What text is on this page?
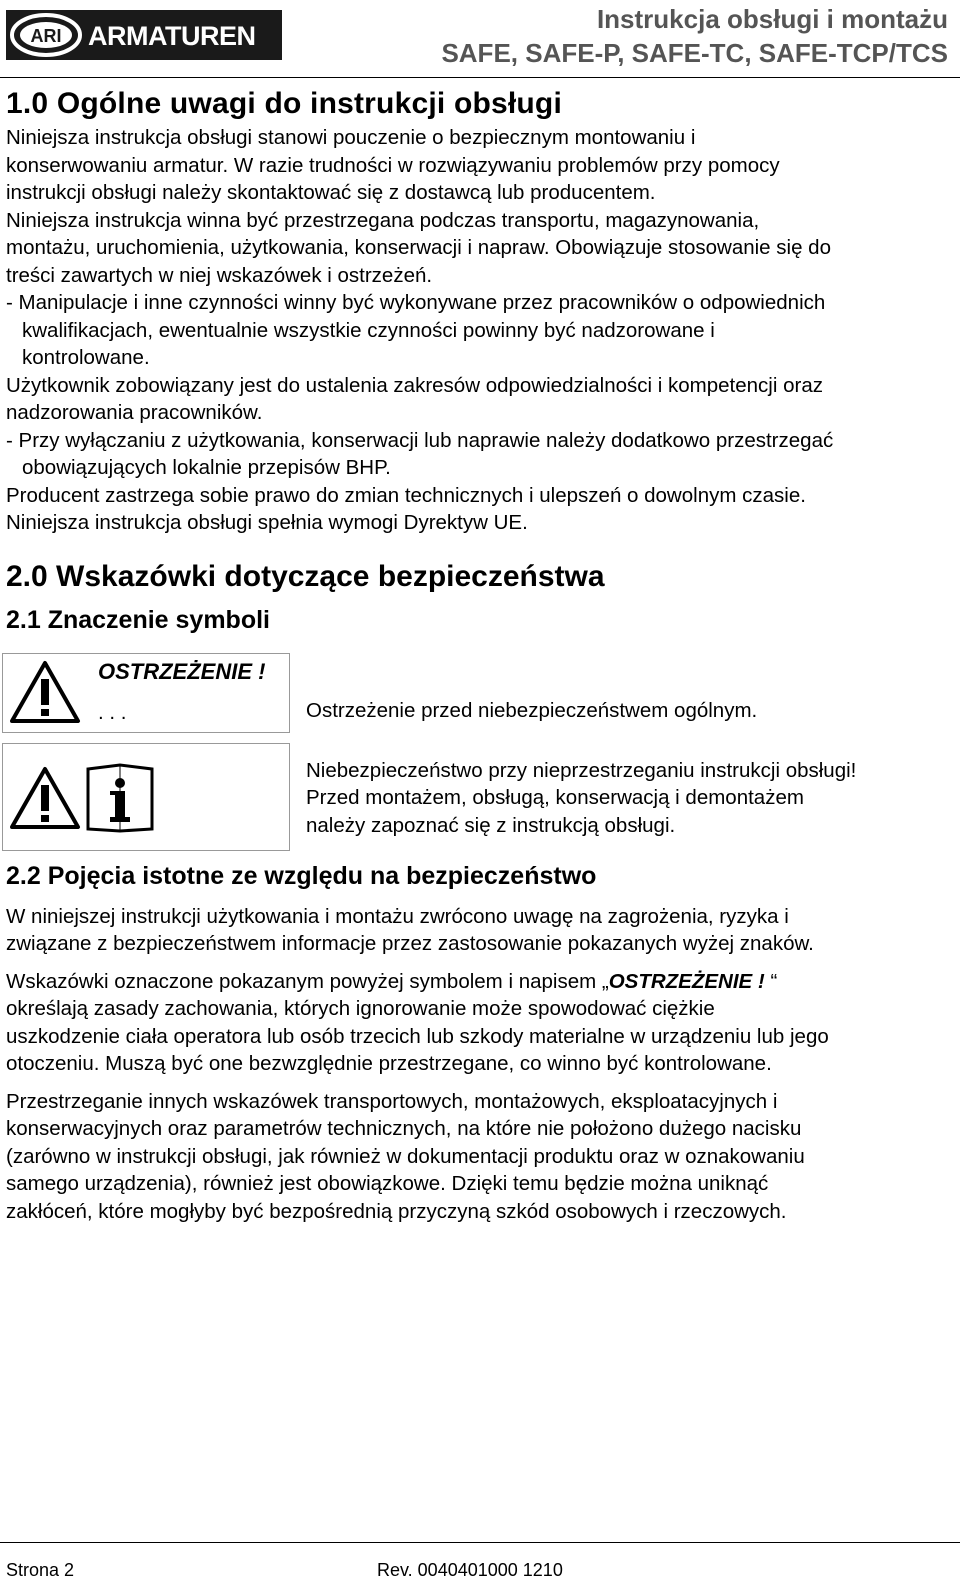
ARI ARMATUREN
Instrukcja obsługi i montażu
SAFE, SAFE-P, SAFE-TC, SAFE-TCP/TCS
1.0 Ogólne uwagi do instrukcji obsługi

Niniejsza instrukcja obsługi stanowi pouczenie o bezpiecznym montowaniu i

konserwowaniu armatur. W razie trudności w rozwiązywaniu problemów przy pomocy

instrukcji obsługi należy skontaktować się z dostawcą lub producentem.

Niniejsza instrukcja winna być przestrzegana podczas transportu, magazynowania,

montażu, uruchomienia, użytkowania, konserwacji i napraw. Obowiązuje stosowanie się do

treści zawartych w niej wskazówek i ostrzeżeń.

- Manipulacje i inne czynności winny być wykonywane przez pracowników o odpowiednich

kwalifikacjach, ewentualnie wszystkie czynności powinny być nadzorowane i

kontrolowane.

Użytkownik zobowiązany jest do ustalenia zakresów odpowiedzialności i kompetencji oraz

nadzorowania pracowników.

- Przy wyłączaniu z użytkowania, konserwacji lub naprawie należy dodatkowo przestrzegać

obowiązujących lokalnie przepisów BHP.

Producent zastrzega sobie prawo do zmian technicznych i ulepszeń o dowolnym czasie.

Niniejsza instrukcja obsługi spełnia wymogi Dyrektyw UE.

2.0 Wskazówki dotyczące bezpieczeństwa
2.1 Znaczenie symboli
OSTRZEŻENIE !
. . .	Ostrzeżenie przed niebezpieczeństwem ogólnym.
Niebezpieczeństwo przy nieprzestrzeganiu instrukcji obsługi!
Przed montażem, obsługą, konserwacją i demontażem
należy zapoznać się z instrukcją obsługi.
2.2 Pojęcia istotne ze względu na bezpieczeństwo

W niniejszej instrukcji użytkowania i montażu zwrócono uwagę na zagrożenia, ryzyka i

związane z bezpieczeństwem informacje przez zastosowanie pokazanych wyżej znaków.

Wskazówki oznaczone pokazanym powyżej symbolem i napisem „OSTRZEŻENIE ! “

określają zasady zachowania, których ignorowanie może spowodować ciężkie

uszkodzenie ciała operatora lub osób trzecich lub szkody materialne w urządzeniu lub jego

otoczeniu. Muszą być one bezwzględnie przestrzegane, co winno być kontrolowane.

Przestrzeganie innych wskazówek transportowych, montażowych, eksploatacyjnych i

konserwacyjnych oraz parametrów technicznych, na które nie położono dużego nacisku

(zarówno w instrukcji obsługi, jak również w dokumentacji produktu oraz w oznakowaniu

samego urządzenia), również jest obowiązkowe. Dzięki temu będzie można uniknąć

zakłóceń, które mogłyby być bezpośrednią przyczyną szkód osobowych i rzeczowych.

Strona 2	Rev. 0040401000 1210
